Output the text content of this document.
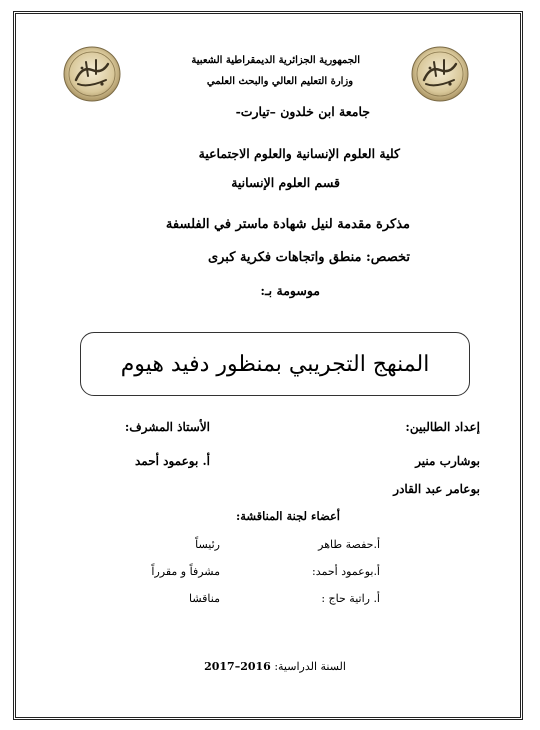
الجمهورية الجزائرية الديمقراطية الشعبية
وزارة التعليم العالي والبحث العلمي
جامعة ابن خلدون –تيارت-
كلية العلوم الإنسانية والعلوم الاجتماعية
قسم العلوم الإنسانية
مذكرة مقدمة لنيل شهادة ماستر في الفلسفة
تخصص: منطق واتجاهات فكرية كبرى
موسومة بـ:
المنهج التجريبي بمنظور دفيد هيوم
إعداد الطالبين:
الأستاذ المشرف:
بوشارب منير
أ. بوعمود أحمد
بوعامر عبد القادر
أعضاء لجنة المناقشة:
أ.حفصة طاهر
رئيساً
أ.بوعمود أحمد:
مشرفاً و مقرراً
أ. راتية حاج :
مناقشا
السنة الدراسية: 2016–2017
